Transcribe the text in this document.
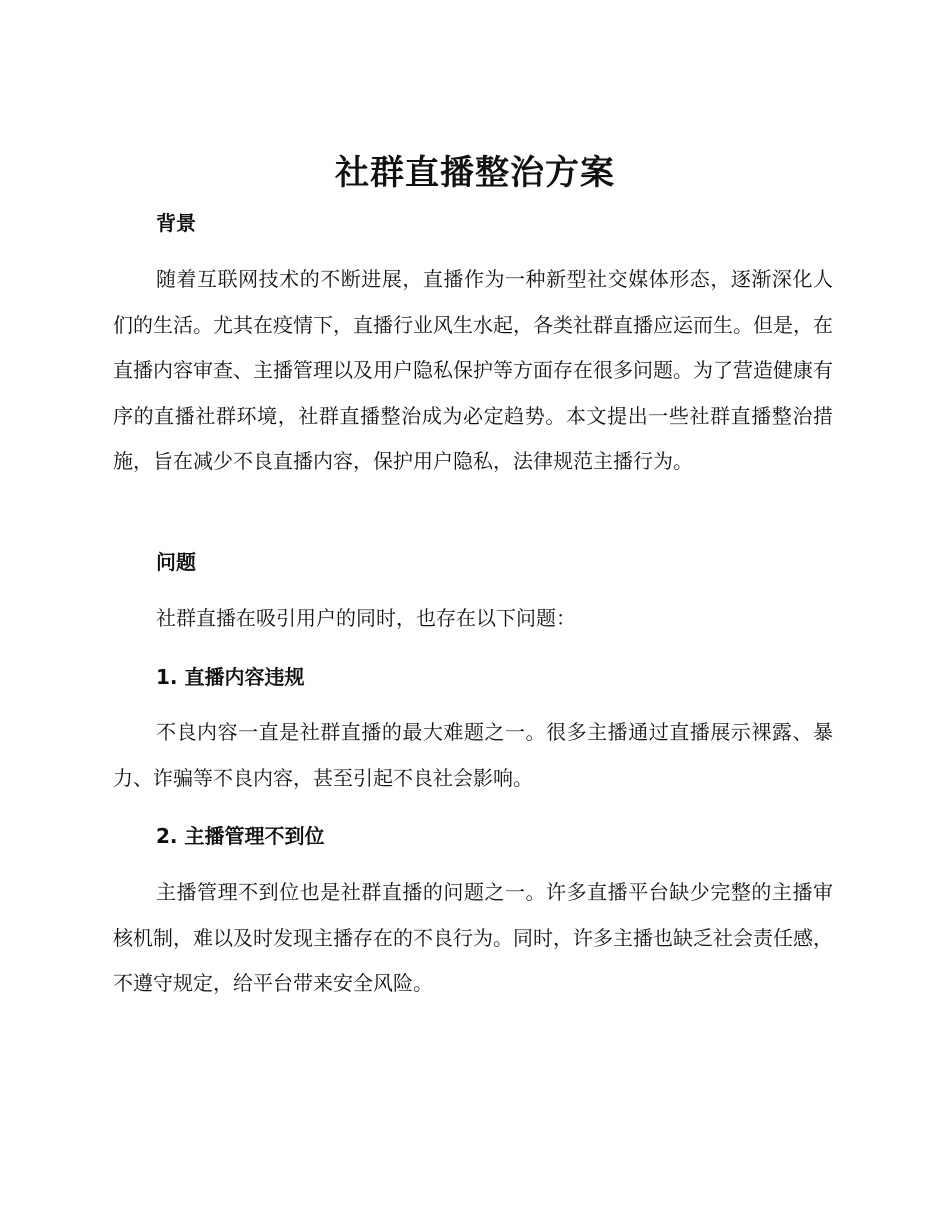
社群直播整治方案
背景

随着互联网技术的不断进展，直播作为一种新型社交媒体形态，逐渐深化人们的生活。尤其在疫情下，直播行业风生水起，各类社群直播应运而生。但是，在直播内容审查、主播管理以及用户隐私保护等方面存在很多问题。为了营造健康有序的直播社群环境，社群直播整治成为必定趋势。本文提出一些社群直播整治措施，旨在减少不良直播内容，保护用户隐私，法律规范主播行为。

问题

社群直播在吸引用户的同时，也存在以下问题：

1. 直播内容违规

不良内容一直是社群直播的最大难题之一。很多主播通过直播展示裸露、暴力、诈骗等不良内容，甚至引起不良社会影响。

2. 主播管理不到位

主播管理不到位也是社群直播的问题之一。许多直播平台缺少完整的主播审核机制，难以及时发现主播存在的不良行为。同时，许多主播也缺乏社会责任感，不遵守规定，给平台带来安全风险。
